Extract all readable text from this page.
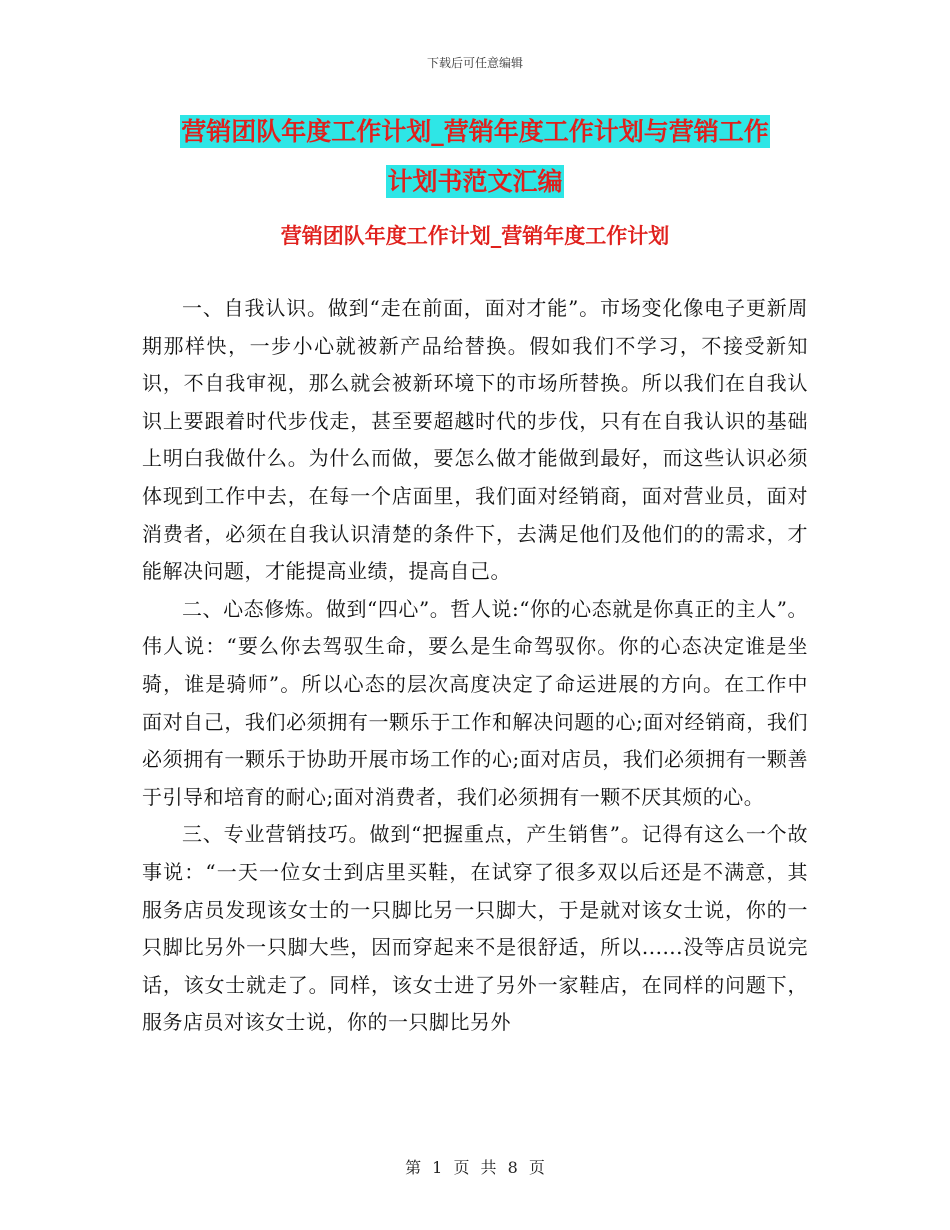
下载后可任意编辑
营销团队年度工作计划_营销年度工作计划与营销工作
计划书范文汇编
营销团队年度工作计划_营销年度工作计划

一、自我认识。做到“走在前面，面对才能”。市场变化像电子更新周期那样快，一步小心就被新产品给替换。假如我们不学习，不接受新知识，不自我审视，那么就会被新环境下的市场所替换。所以我们在自我认识上要跟着时代步伐走，甚至要超越时代的步伐，只有在自我认识的基础上明白我做什么。为什么而做，要怎么做才能做到最好，而这些认识必须体现到工作中去，在每一个店面里，我们面对经销商，面对营业员，面对消费者，必须在自我认识清楚的条件下，去满足他们及他们的的需求，才能解决问题，才能提高业绩，提高自己。

二、心态修炼。做到“四心”。哲人说:“你的心态就是你真正的主人”。伟人说：“要么你去驾驭生命，要么是生命驾驭你。你的心态决定谁是坐骑，谁是骑师”。所以心态的层次高度决定了命运进展的方向。在工作中面对自己，我们必须拥有一颗乐于工作和解决问题的心;面对经销商，我们必须拥有一颗乐于协助开展市场工作的心;面对店员，我们必须拥有一颗善于引导和培育的耐心;面对消费者，我们必须拥有一颗不厌其烦的心。

三、专业营销技巧。做到“把握重点，产生销售”。记得有这么一个故事说：“一天一位女士到店里买鞋，在试穿了很多双以后还是不满意，其服务店员发现该女士的一只脚比另一只脚大，于是就对该女士说，你的一只脚比另外一只脚大些，因而穿起来不是很舒适，所以......没等店员说完话，该女士就走了。同样，该女士进了另外一家鞋店，在同样的问题下，服务店员对该女士说，你的一只脚比另外

第 1 页 共 8 页
